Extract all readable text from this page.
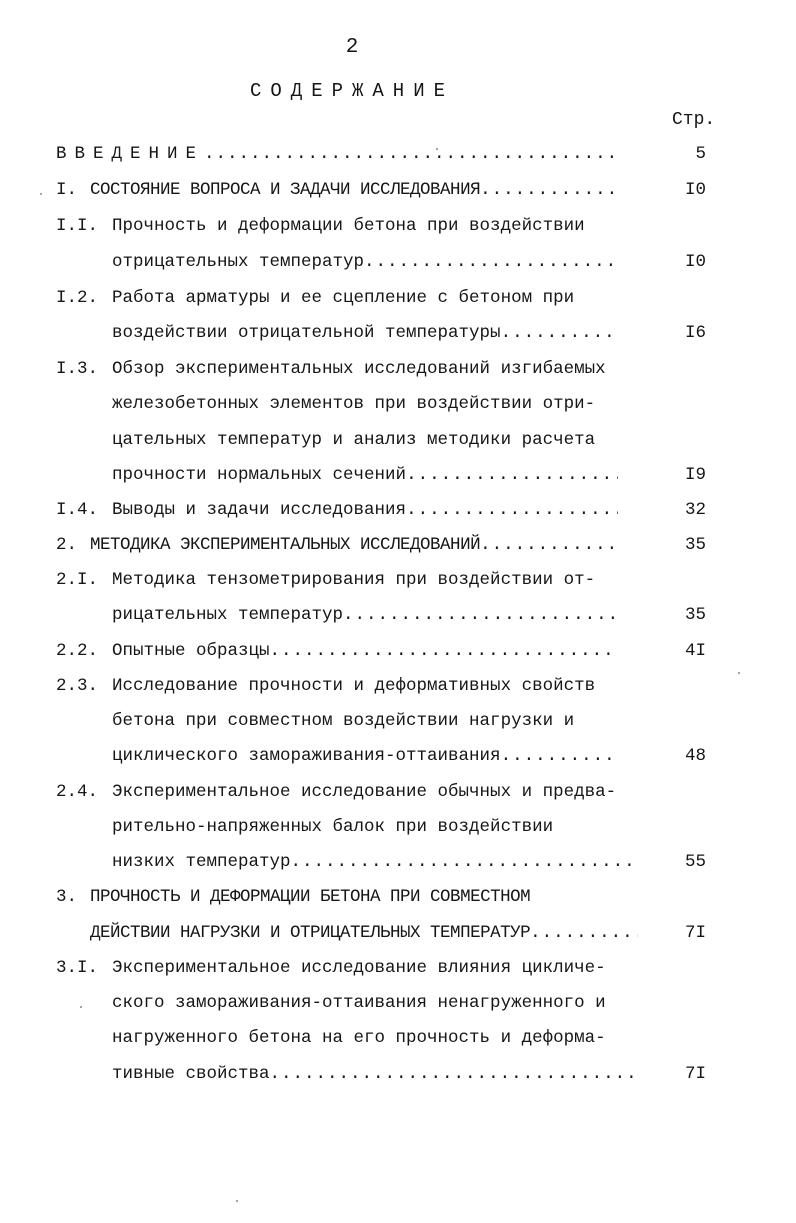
2
СОДЕРЖАНИЕ
Стр.
ВВЕДЕНИЕ .....	5
I. СОСТОЯНИЕ ВОПРОСА И ЗАДАЧИ ИССЛЕДОВАНИЯ .....	I0
I.I. Прочность и деформации бетона при воздействии
отрицательных температур .....	I0
I.2. Работа арматуры и ее сцепление с бетоном при
воздействии отрицательной температуры .....	I6
I.3. Обзор экспериментальных исследований изгибаемых
железобетонных элементов при воздействии отри-
цательных температур и анализ методики расчета
прочности нормальных сечений .....	I9
I.4. Выводы и задачи исследования .....	32
2. МЕТОДИКА ЭКСПЕРИМЕНТАЛЬНЫХ ИССЛЕДОВАНИЙ .....	35
2.I. Методика тензометрирования при воздействии от-
рицательных температур .....	35
2.2. Опытные образцы .....	4I
2.3. Исследование прочности и деформативных свойств
бетона при совместном воздействии нагрузки и
циклического замораживания-оттаивания .....	48
2.4. Экспериментальное исследование обычных и предва-
рительно-напряженных балок при воздействии
низких температур .....	55
3. ПРОЧНОСТЬ И ДЕФОРМАЦИИ БЕТОНА ПРИ СОВМЕСТНОМ
ДЕЙСТВИИ НАГРУЗКИ И ОТРИЦАТЕЛЬНЫХ ТЕМПЕРАТУР .....	7I
3.I. Экспериментальное исследование влияния цикличе-
ского замораживания-оттаивания ненагруженного и
нагруженного бетона на его прочность и деформа-
тивные свойства .....	7I
